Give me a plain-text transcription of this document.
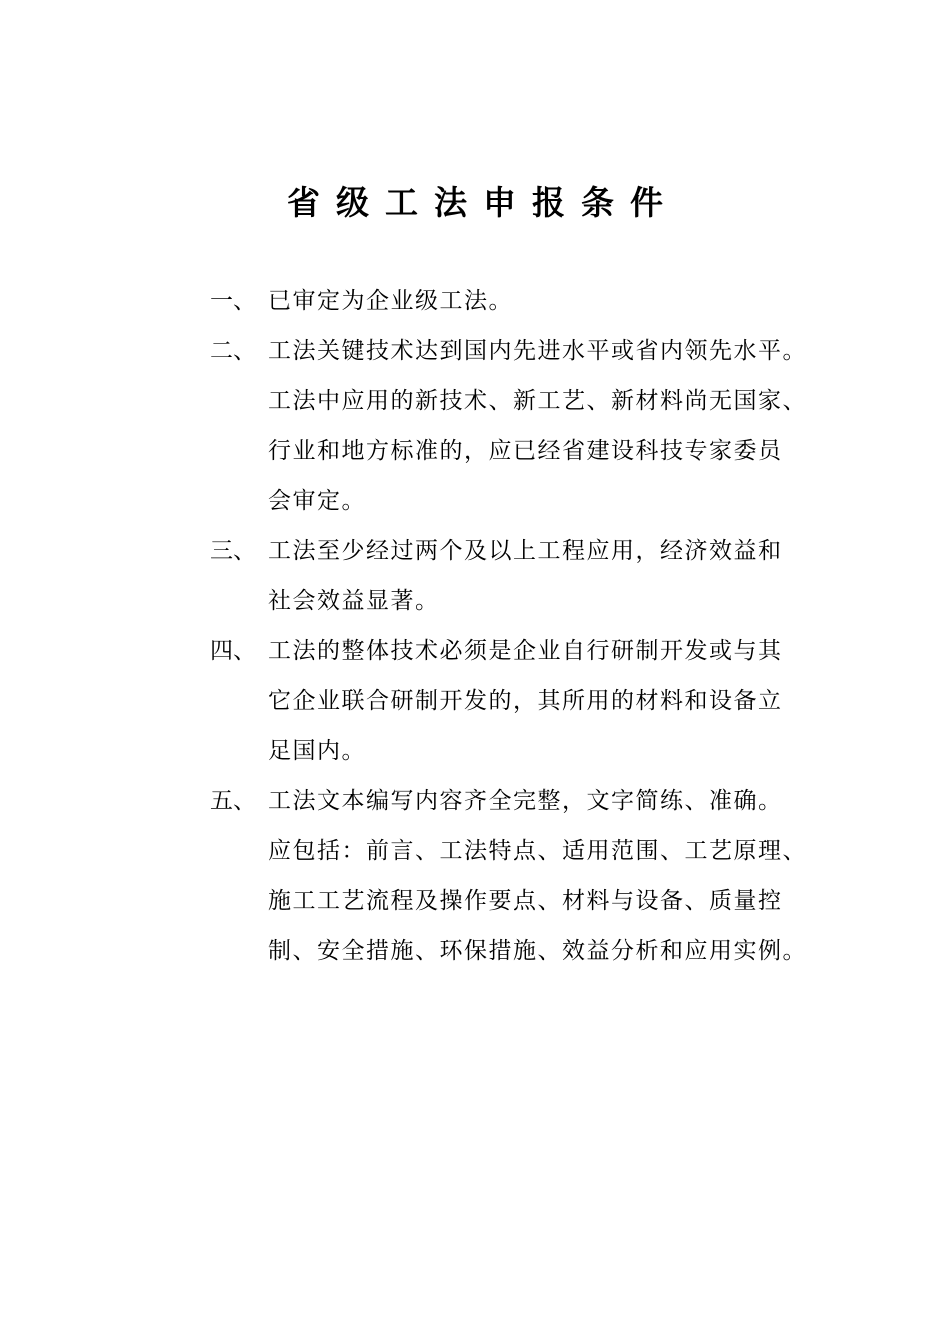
省级工法申报条件
一、 已审定为企业级工法。
二、 工法关键技术达到国内先进水平或省内领先水平。
工法中应用的新技术、新工艺、新材料尚无国家、
行业和地方标准的，应已经省建设科技专家委员
会审定。
三、 工法至少经过两个及以上工程应用，经济效益和
社会效益显著。
四、 工法的整体技术必须是企业自行研制开发或与其
它企业联合研制开发的，其所用的材料和设备立
足国内。
五、 工法文本编写内容齐全完整，文字简练、准确。
应包括：前言、工法特点、适用范围、工艺原理、
施工工艺流程及操作要点、材料与设备、质量控
制、安全措施、环保措施、效益分析和应用实例。
